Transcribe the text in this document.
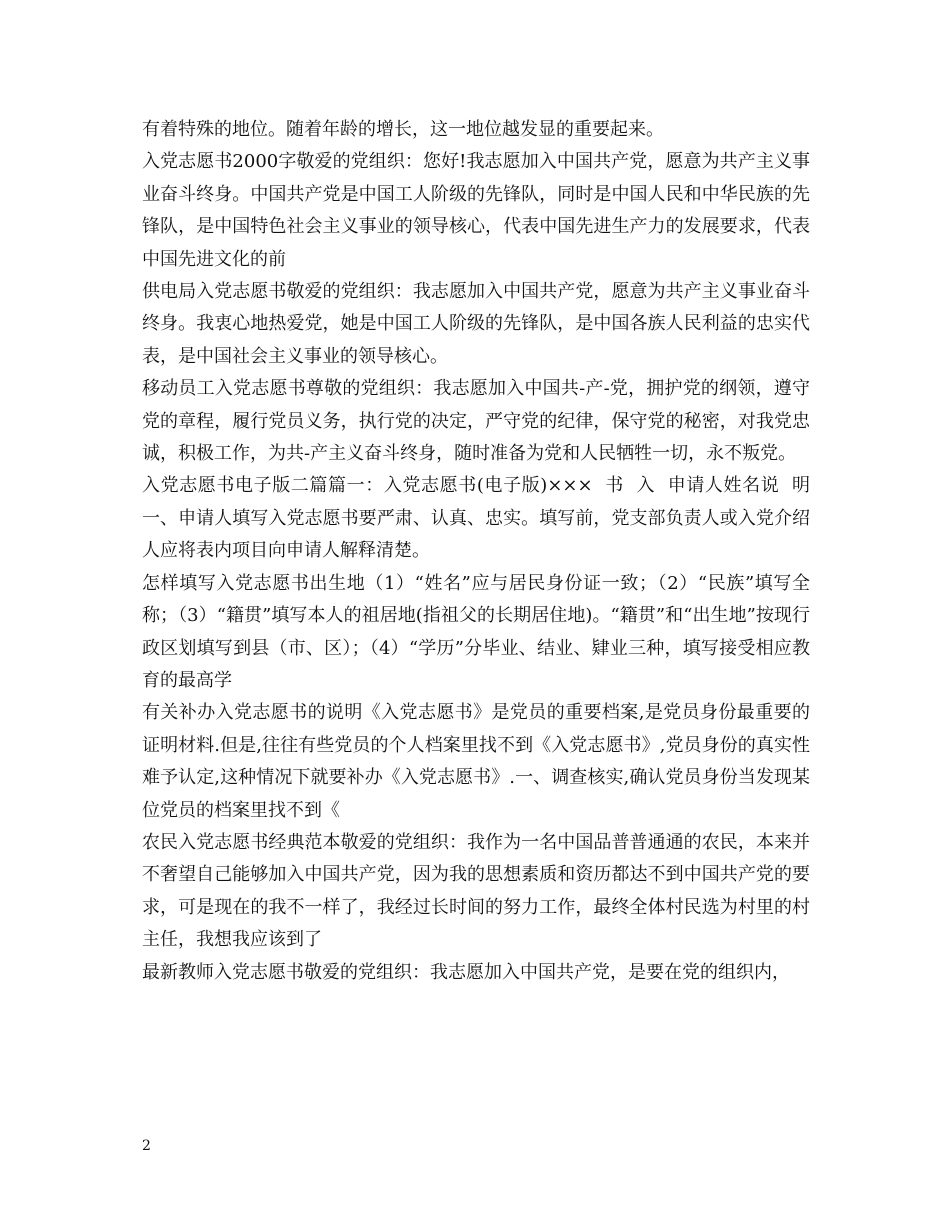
有着特殊的地位。随着年龄的增长，这一地位越发显的重要起来。

入党志愿书2000字敬爱的党组织：您好!我志愿加入中国共产党，愿意为共产主义事业奋斗终身。中国共产党是中国工人阶级的先锋队，同时是中国人民和中华民族的先锋队，是中国特色社会主义事业的领导核心，代表中国先进生产力的发展要求，代表中国先进文化的前

供电局入党志愿书敬爱的党组织：我志愿加入中国共产党，愿意为共产主义事业奋斗终身。我衷心地热爱党，她是中国工人阶级的先锋队，是中国各族人民利益的忠实代表，是中国社会主义事业的领导核心。

移动员工入党志愿书尊敬的党组织：我志愿加入中国共-产-党，拥护党的纲领，遵守党的章程，履行党员义务，执行党的决定，严守党的纪律，保守党的秘密，对我党忠诚，积极工作，为共-产主义奋斗终身，随时准备为党和人民牺牲一切，永不叛党。

入党志愿书电子版二篇篇一：入党志愿书(电子版)×××  书  入  申请人姓名说  明一、申请人填写入党志愿书要严肃、认真、忠实。填写前，党支部负责人或入党介绍人应将表内项目向申请人解释清楚。

怎样填写入党志愿书出生地（1）“姓名”应与居民身份证一致；（2）“民族”填写全称；（3）“籍贯”填写本人的祖居地(指祖父的长期居住地)。“籍贯”和“出生地”按现行政区划填写到县（市、区）；（4）“学历”分毕业、结业、肄业三种，填写接受相应教育的最高学

有关补办入党志愿书的说明《入党志愿书》是党员的重要档案,是党员身份最重要的证明材料.但是,往往有些党员的个人档案里找不到《入党志愿书》,党员身份的真实性难予认定,这种情况下就要补办《入党志愿书》.一、调查核实,确认党员身份当发现某位党员的档案里找不到《

农民入党志愿书经典范本敬爱的党组织：我作为一名中国品普普通通的农民，本来并不奢望自己能够加入中国共产党，因为我的思想素质和资历都达不到中国共产党的要求，可是现在的我不一样了，我经过长时间的努力工作，最终全体村民选为村里的村主任，我想我应该到了

最新教师入党志愿书敬爱的党组织：我志愿加入中国共产党，是要在党的组织内，

2
